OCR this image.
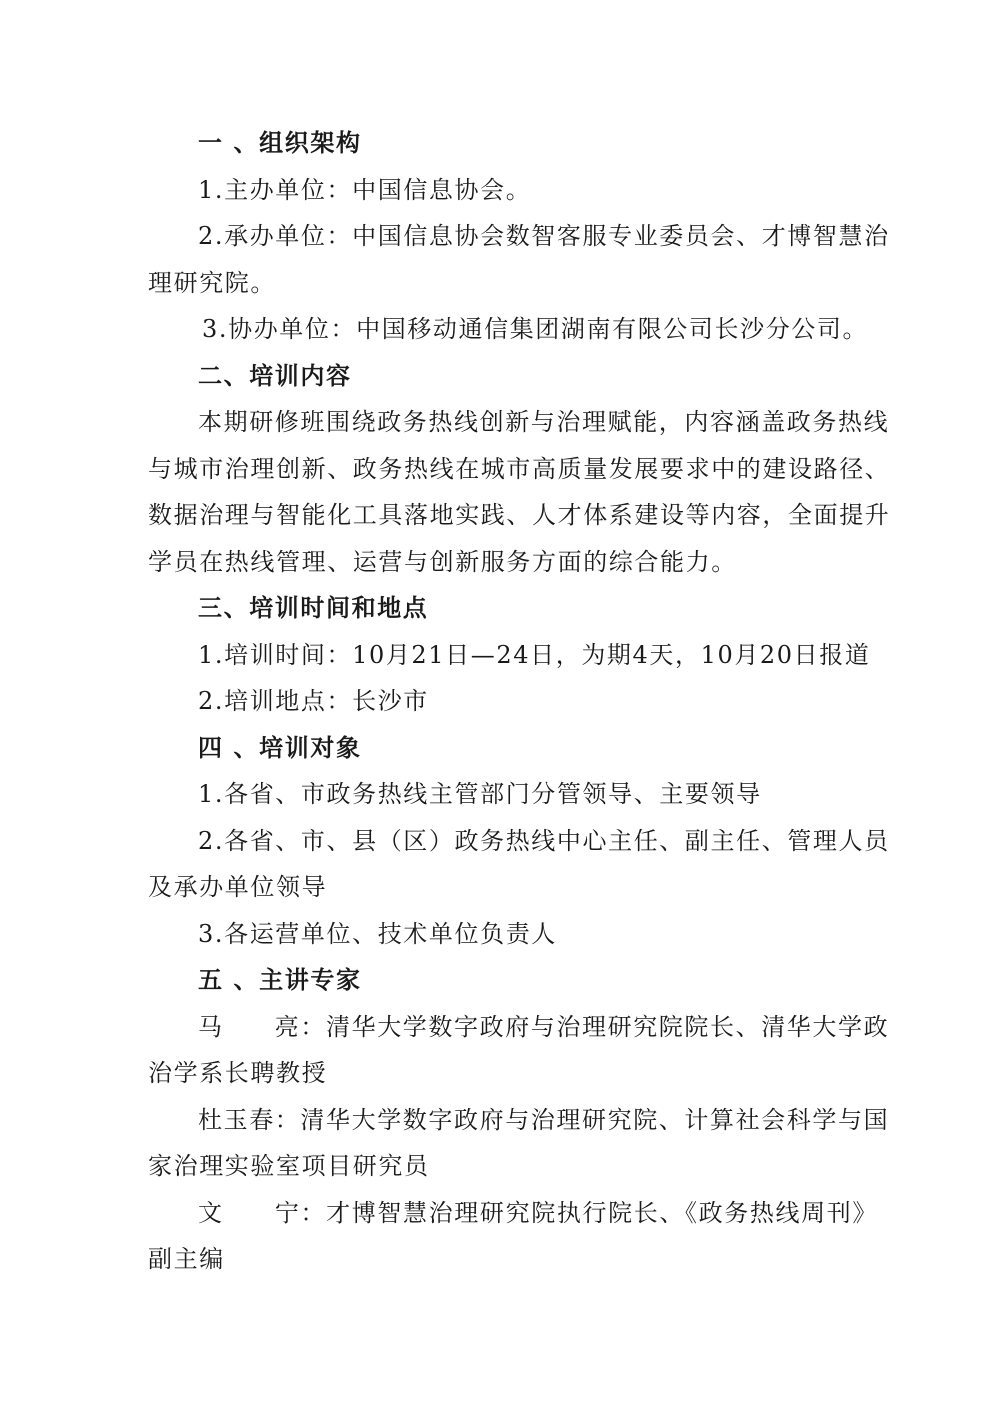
一 、组织架构
1.主办单位：中国信息协会。
2.承办单位：中国信息协会数智客服专业委员会、才博智慧治
理研究院。
3.协办单位：中国移动通信集团湖南有限公司长沙分公司。
二、培训内容
本期研修班围绕政务热线创新与治理赋能，内容涵盖政务热线
与城市治理创新、政务热线在城市高质量发展要求中的建设路径、
数据治理与智能化工具落地实践、人才体系建设等内容，全面提升
学员在热线管理、运营与创新服务方面的综合能力。
三、培训时间和地点
1.培训时间：10月21日—24日，为期4天，10月20日报道
2.培训地点：长沙市
四 、培训对象
1.各省、市政务热线主管部门分管领导、主要领导
2.各省、市、县（区）政务热线中心主任、副主任、管理人员
及承办单位领导
3.各运营单位、技术单位负责人
五 、主讲专家
马　　亮：清华大学数字政府与治理研究院院长、清华大学政
治学系长聘教授
杜玉春：清华大学数字政府与治理研究院、计算社会科学与国
家治理实验室项目研究员
文　　宁：才博智慧治理研究院执行院长、《政务热线周刊》
副主编
